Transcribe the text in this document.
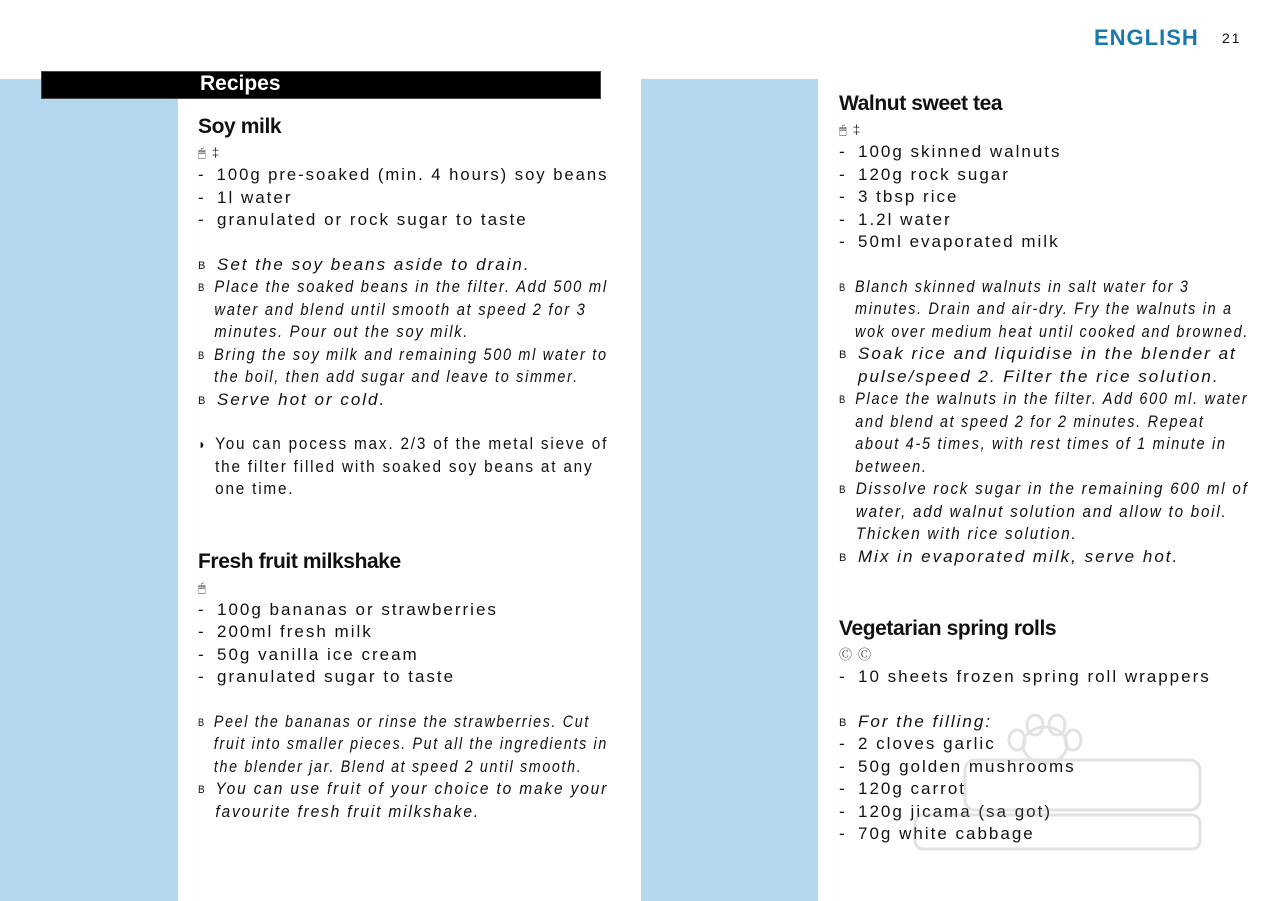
ENGLISH 21
Recipes
Soy milk
🖱‡
- 100g pre-soaked (min. 4 hours) soy beans
- 1l water
- granulated or rock sugar to taste
B Set the soy beans aside to drain.
B Place the soaked beans in the filter. Add 500 ml
water and blend until smooth at speed 2 for 3
minutes. Pour out the soy milk.
B Bring the soy milk and remaining 500 ml water to
the boil, then add sugar and leave to simmer.
B Serve hot or cold.
◗ You can pocess max. 2/3 of the metal sieve of
the filter filled with soaked soy beans at any
one time.
Fresh fruit milkshake
🖱
- 100g bananas or strawberries
- 200ml fresh milk
- 50g vanilla ice cream
- granulated sugar to taste
B Peel the bananas or rinse the strawberries. Cut
fruit into smaller pieces. Put all the ingredients in
the blender jar. Blend at speed 2 until smooth.
B You can use fruit of your choice to make your
favourite fresh fruit milkshake.
Walnut sweet tea
🖱‡
- 100g skinned walnuts
- 120g rock sugar
- 3 tbsp rice
- 1.2l water
- 50ml evaporated milk
B Blanch skinned walnuts in salt water for 3
minutes. Drain and air-dry. Fry the walnuts in a
wok over medium heat until cooked and browned.
B Soak rice and liquidise in the blender at
pulse/speed 2. Filter the rice solution.
B Place the walnuts in the filter. Add 600 ml. water
and blend at speed 2 for 2 minutes. Repeat
about 4-5 times, with rest times of 1 minute in
between.
B Dissolve rock sugar in the remaining 600 ml of
water, add walnut solution and allow to boil.
Thicken with rice solution.
B Mix in evaporated milk, serve hot.
Vegetarian spring rolls
ⒸⒸ
- 10 sheets frozen spring roll wrappers
B For the filling:
- 2 cloves garlic
- 50g golden mushrooms
- 120g carrot
- 120g jicama (sa got)
- 70g white cabbage
